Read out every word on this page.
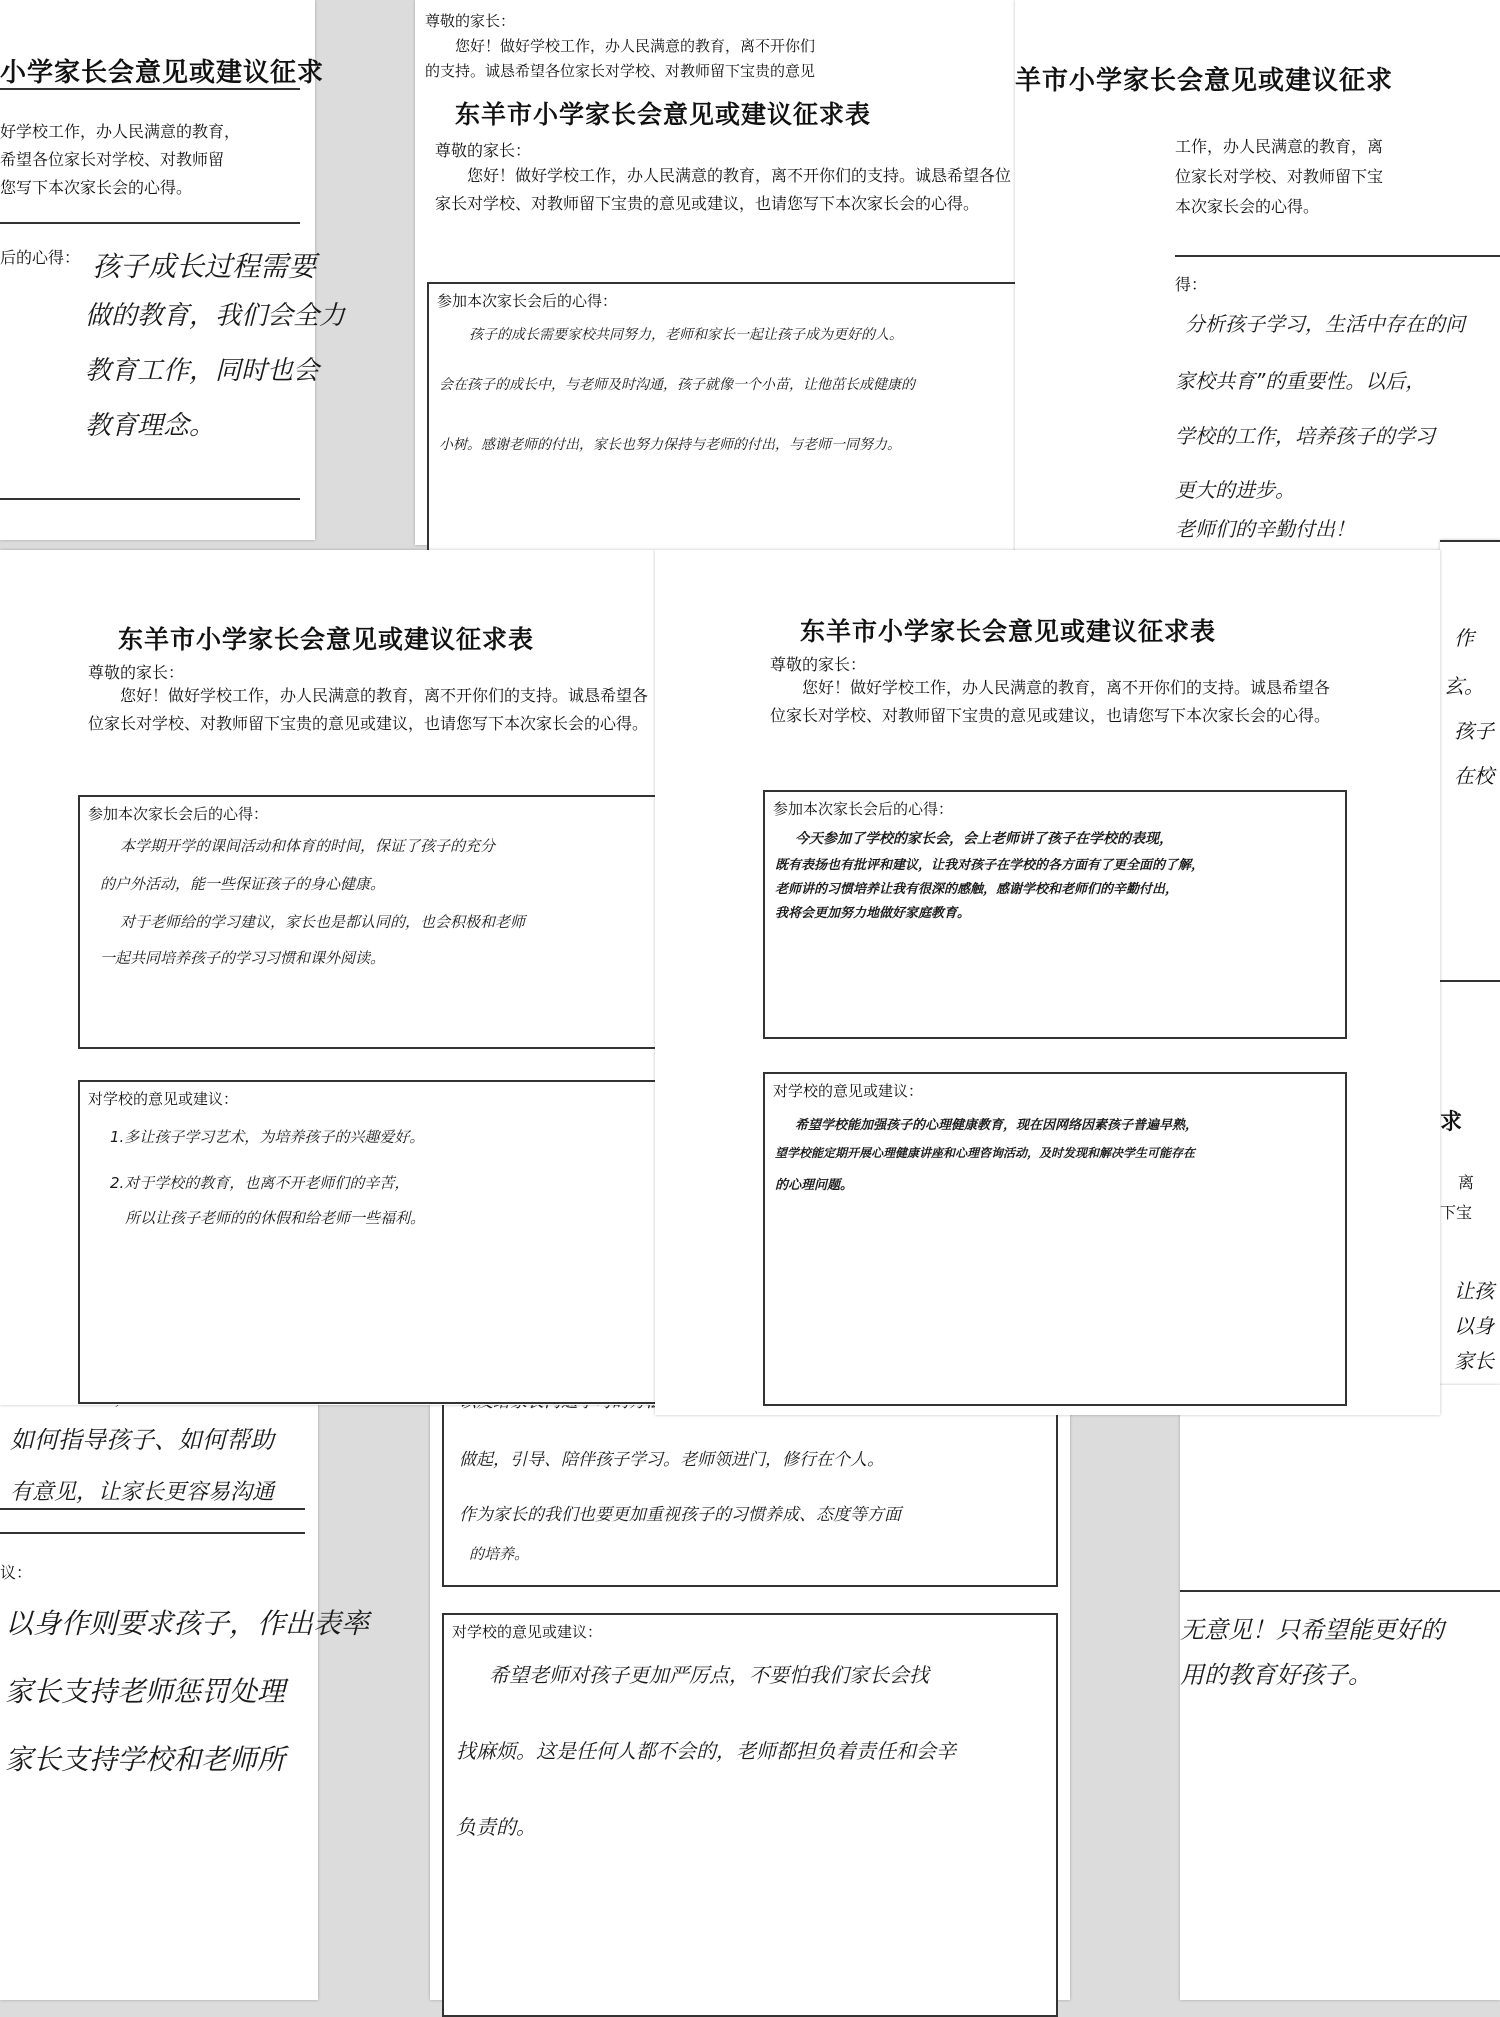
小学家长会意见或建议征求
好学校工作，办人民满意的教育，
希望各位家长对学校、对教师留
您写下本次家长会的心得。
后的心得： 孩子成长过程需要
做的教育，我们会全力
教育工作，同时也会
教育理念。
尊敬的家长：
您好！做好学校工作，办人民满意的教育，离不开你们
的支持。诚恳希望各位家长对学校、对教师留下宝贵的意见
东羊市小学家长会意见或建议征求表
尊敬的家长：
您好！做好学校工作，办人民满意的教育，离不开你们的支持。诚恳希望各位家长对学校、对教师留下宝贵的意见或建议，也请您写下本次家长会的心得。
参加本次家长会后的心得：
孩子的成长需要家校共同努力，老师和家长一起让孩子成为更好的人。
会在孩子的成长中，与老师及时沟通，孩子就像一个小苗，让他茁长成健康的
小树。感谢老师的付出，家长也努力保持与老师的付出，与老师一同努力。
羊市小学家长会意见或建议征求
工作，办人民满意的教育，离
位家长对学校、对教师留下宝
本次家长会的心得。
得：
分析孩子学习，生活中存在的问
家校共育”的重要性。以后，
学校的工作，培养孩子的学习
更大的进步。
老师们的辛勤付出！
作
玄。
孩子
在校
求
离
下宝
让孩
以身
家长
如何指导孩子、如何帮助
有意见，让家长更容易沟通
议：
以身作则要求孩子，作出表率
家长支持老师惩罚处理
家长支持学校和老师所
做起，引导、陪伴孩子学习。老师领进门，修行在个人。
作为家长的我们也要更加重视孩子的习惯养成、态度等方面
的培养。
对学校的意见或建议：
希望老师对孩子更加严厉点，不要怕我们家长会找
找麻烦。这是任何人都不会的，老师都担负着责任和会辛
负责的。
无意见！只希望能更好的
用的教育好孩子。
东羊市小学家长会意见或建议征求表
尊敬的家长：
您好！做好学校工作，办人民满意的教育，离不开你们的支持。诚恳希望各位家长对学校、对教师留下宝贵的意见或建议，也请您写下本次家长会的心得。
参加本次家长会后的心得：
本学期开学的课间活动和体育的时间，保证了孩子的充分
的户外活动，能一些保证孩子的身心健康。
对于老师给的学习建议，家长也是都认同的，也会积极和老师
一起共同培养孩子的学习习惯和课外阅读。
对学校的意见或建议：
1.多让孩子学习艺术，为培养孩子的兴趣爱好。
2.对于学校的教育，也离不开老师们的辛苦，
所以让孩子老师的的休假和给老师一些福利。
东羊市小学家长会意见或建议征求表
尊敬的家长：
您好！做好学校工作，办人民满意的教育，离不开你们的支持。诚恳希望各位家长对学校、对教师留下宝贵的意见或建议，也请您写下本次家长会的心得。
参加本次家长会后的心得：
今天参加了学校的家长会，会上老师讲了孩子在学校的表现，
既有表扬也有批评和建议，让我对孩子在学校的各方面有了更全面的了解，
老师讲的习惯培养让我有很深的感触，感谢学校和老师们的辛勤付出，
我将会更加努力地做好家庭教育。
对学校的意见或建议：
希望学校能加强孩子的心理健康教育，现在因网络因素孩子普遍早熟，
望学校能定期开展心理健康讲座和心理咨询活动，及时发现和解决学生可能存在
的心理问题。
